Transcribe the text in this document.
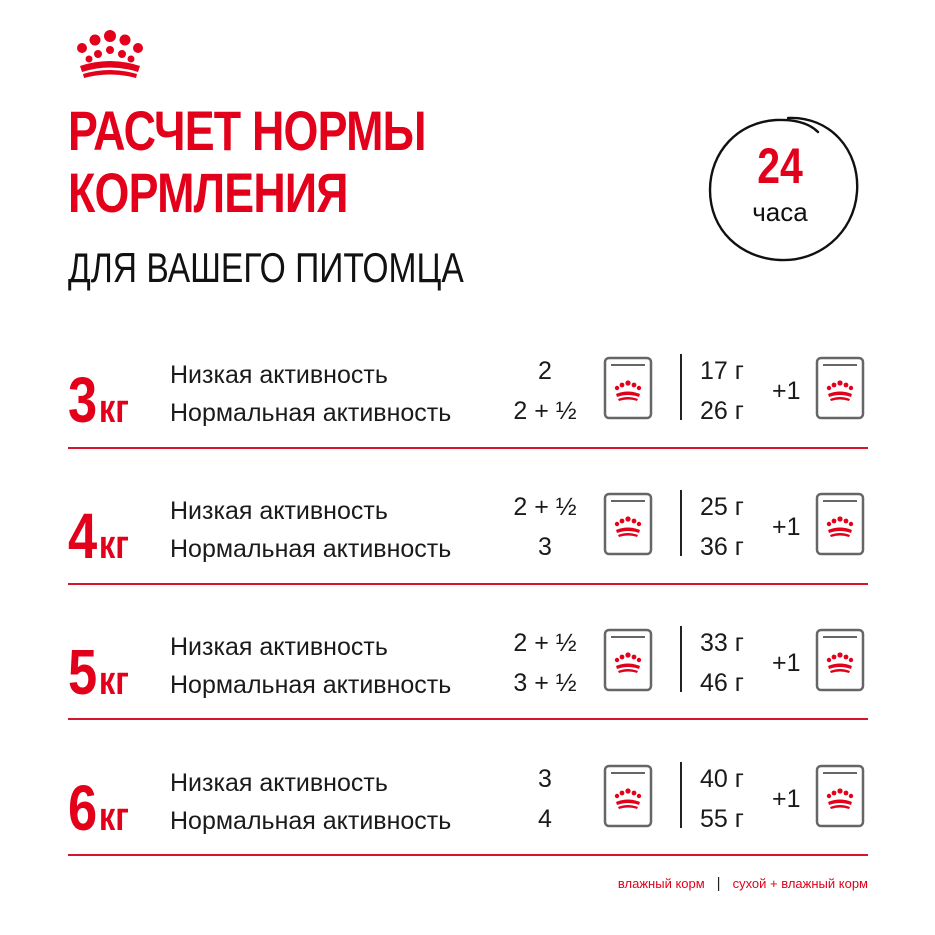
РАСЧЕТ НОРМЫ
КОРМЛЕНИЯ
ДЛЯ ВАШЕГО ПИТОМЦА
24
часа
3кг
Низкая активность
Нормальная активность
2
2 + ½
17 г
26 г
+1
4кг
Низкая активность
Нормальная активность
2 + ½
3
25 г
36 г
+1
5кг
Низкая активность
Нормальная активность
2 + ½
3 + ½
33 г
46 г
+1
6кг
Низкая активность
Нормальная активность
3
4
40 г
55 г
+1
влажный корм | сухой + влажный корм
